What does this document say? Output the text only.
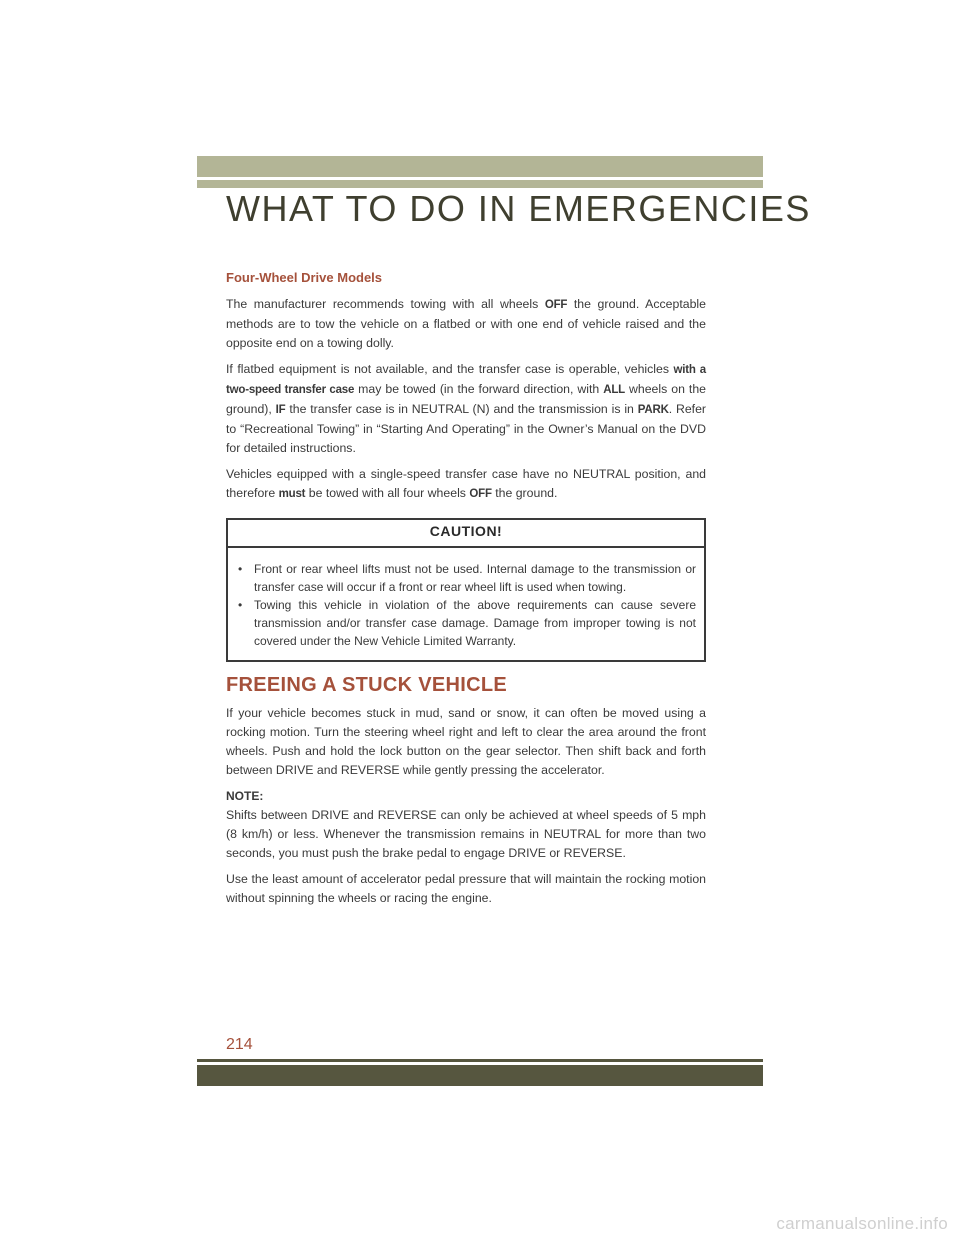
WHAT TO DO IN EMERGENCIES
Four-Wheel Drive Models

The manufacturer recommends towing with all wheels OFF the ground. Acceptable methods are to tow the vehicle on a flatbed or with one end of vehicle raised and the opposite end on a towing dolly.

If flatbed equipment is not available, and the transfer case is operable, vehicles with a two-speed transfer case may be towed (in the forward direction, with ALL wheels on the ground), IF the transfer case is in NEUTRAL (N) and the transmission is in PARK. Refer to “Recreational Towing” in “Starting And Operating” in the Owner’s Manual on the DVD for detailed instructions.

Vehicles equipped with a single-speed transfer case have no NEUTRAL position, and therefore must be towed with all four wheels OFF the ground.

CAUTION!
• Front or rear wheel lifts must not be used. Internal damage to the transmission or transfer case will occur if a front or rear wheel lift is used when towing.
• Towing this vehicle in violation of the above requirements can cause severe transmission and/or transfer case damage. Damage from improper towing is not covered under the New Vehicle Limited Warranty.
FREEING A STUCK VEHICLE

If your vehicle becomes stuck in mud, sand or snow, it can often be moved using a rocking motion. Turn the steering wheel right and left to clear the area around the front wheels. Push and hold the lock button on the gear selector. Then shift back and forth between DRIVE and REVERSE while gently pressing the accelerator.

NOTE:

Shifts between DRIVE and REVERSE can only be achieved at wheel speeds of 5 mph (8 km/h) or less. Whenever the transmission remains in NEUTRAL for more than two seconds, you must push the brake pedal to engage DRIVE or REVERSE.

Use the least amount of accelerator pedal pressure that will maintain the rocking motion without spinning the wheels or racing the engine.

214

carmanualsonline.info
